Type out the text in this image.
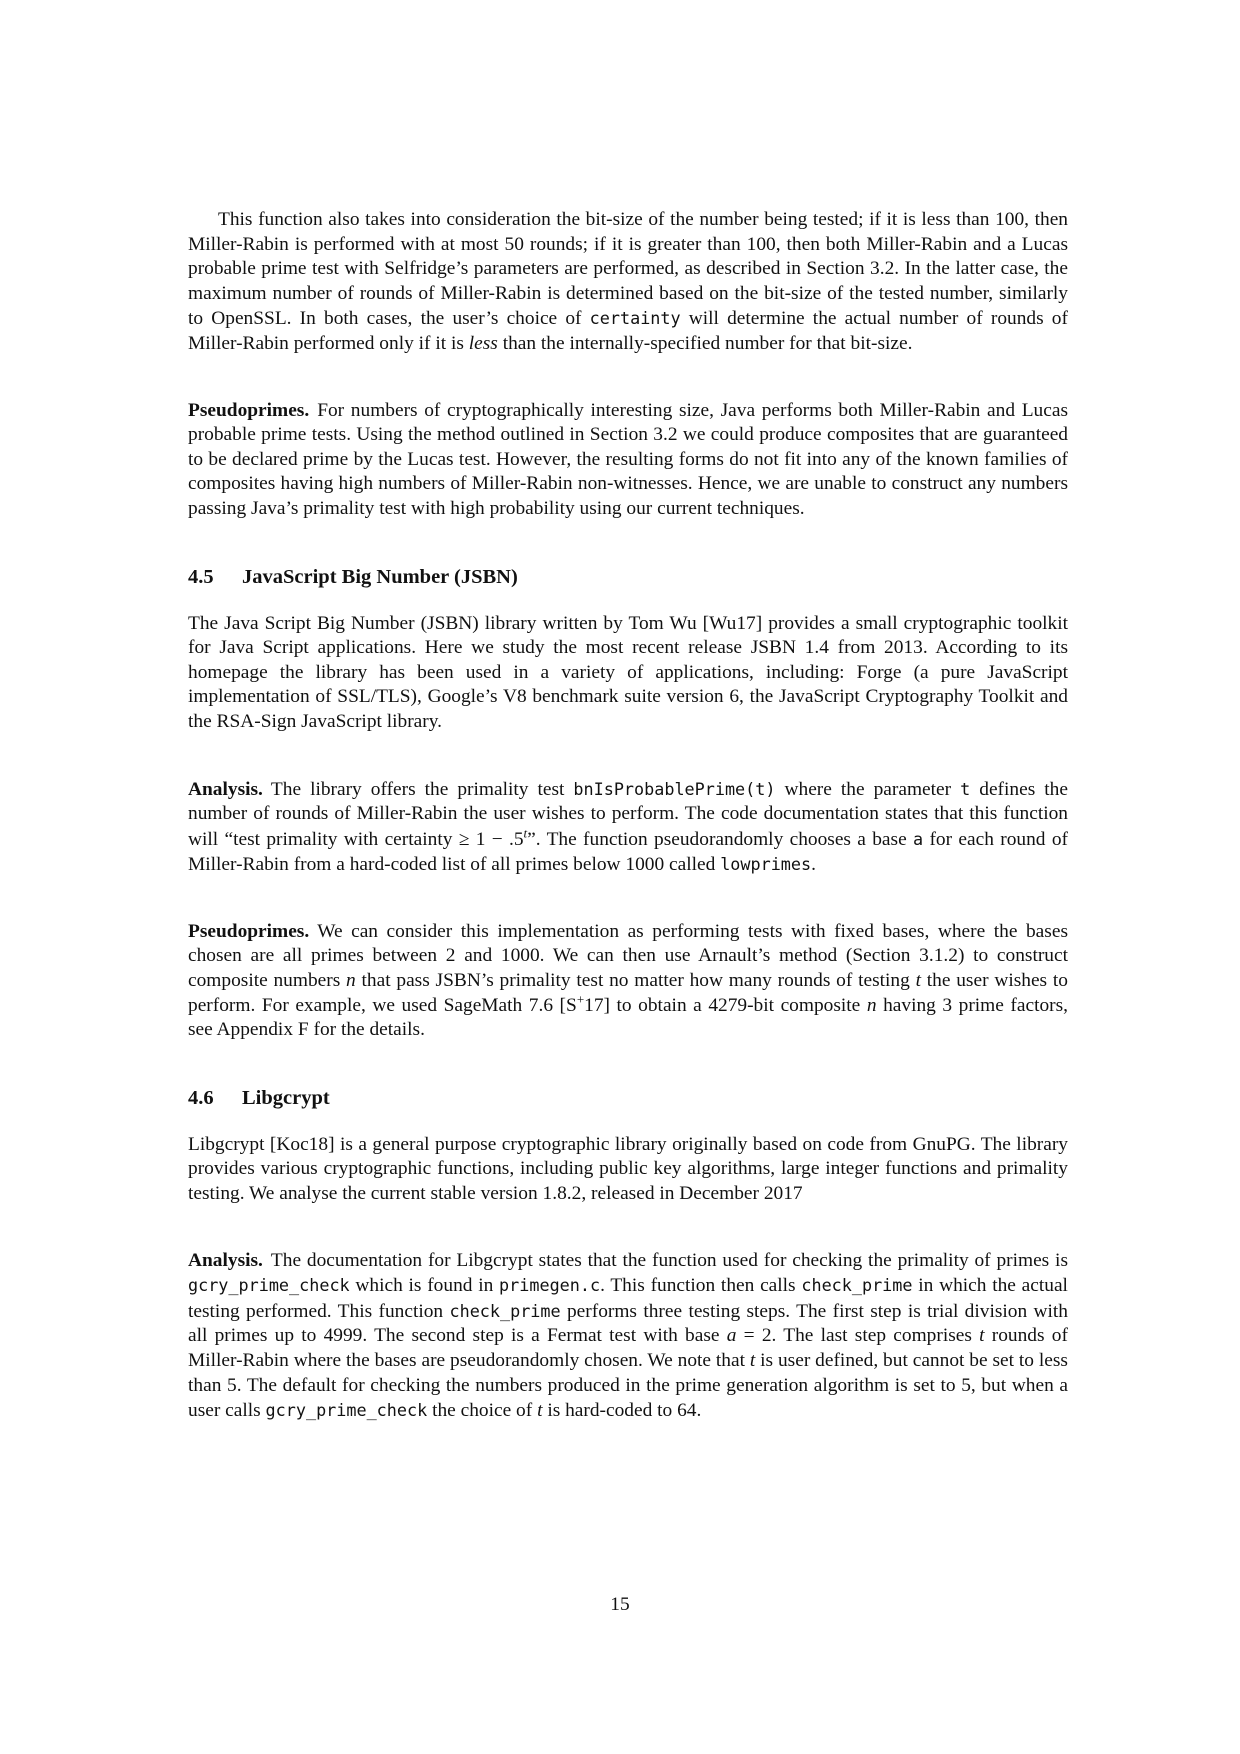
This function also takes into consideration the bit-size of the number being tested; if it is less than 100, then Miller-Rabin is performed with at most 50 rounds; if it is greater than 100, then both Miller-Rabin and a Lucas probable prime test with Selfridge’s parameters are performed, as described in Section 3.2. In the latter case, the maximum number of rounds of Miller-Rabin is determined based on the bit-size of the tested number, similarly to OpenSSL. In both cases, the user’s choice of certainty will determine the actual number of rounds of Miller-Rabin performed only if it is less than the internally-specified number for that bit-size.

Pseudoprimes. For numbers of cryptographically interesting size, Java performs both Miller-Rabin and Lucas probable prime tests. Using the method outlined in Section 3.2 we could produce composites that are guaranteed to be declared prime by the Lucas test. However, the resulting forms do not fit into any of the known families of composites having high numbers of Miller-Rabin non-witnesses. Hence, we are unable to construct any numbers passing Java’s primality test with high probability using our current techniques.

4.5 JavaScript Big Number (JSBN)

The Java Script Big Number (JSBN) library written by Tom Wu [Wu17] provides a small cryptographic toolkit for Java Script applications. Here we study the most recent release JSBN 1.4 from 2013. According to its homepage the library has been used in a variety of applications, including: Forge (a pure JavaScript implementation of SSL/TLS), Google’s V8 benchmark suite version 6, the JavaScript Cryptography Toolkit and the RSA-Sign JavaScript library.

Analysis. The library offers the primality test bnIsProbablePrime(t) where the parameter t defines the number of rounds of Miller-Rabin the user wishes to perform. The code documentation states that this function will “test primality with certainty ≥ $1 - .5^t$”. The function pseudorandomly chooses a base a for each round of Miller-Rabin from a hard-coded list of all primes below 1000 called lowprimes.

Pseudoprimes. We can consider this implementation as performing tests with fixed bases, where the bases chosen are all primes between 2 and 1000. We can then use Arnault’s method (Section 3.1.2) to construct composite numbers n that pass JSBN’s primality test no matter how many rounds of testing t the user wishes to perform. For example, we used SageMath 7.6 [S+17] to obtain a 4279-bit composite n having 3 prime factors, see Appendix F for the details.

4.6 Libgcrypt

Libgcrypt [Koc18] is a general purpose cryptographic library originally based on code from GnuPG. The library provides various cryptographic functions, including public key algorithms, large integer functions and primality testing. We analyse the current stable version 1.8.2, released in December 2017

Analysis. The documentation for Libgcrypt states that the function used for checking the primality of primes is gcry_prime_check which is found in primegen.c. This function then calls check_prime in which the actual testing performed. This function check_prime performs three testing steps. The first step is trial division with all primes up to 4999. The second step is a Fermat test with base a = 2. The last step comprises t rounds of Miller-Rabin where the bases are pseudorandomly chosen. We note that t is user defined, but cannot be set to less than 5. The default for checking the numbers produced in the prime generation algorithm is set to 5, but when a user calls gcry_prime_check the choice of t is hard-coded to 64.

15
